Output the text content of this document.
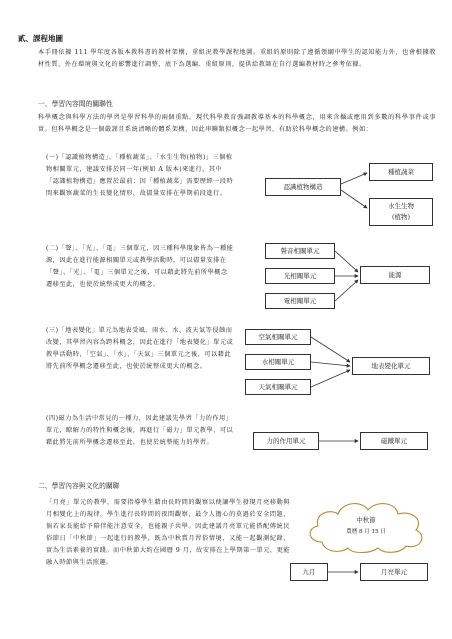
貳、課程地圖
本手冊依據 111 學年度各版本教科書的教材架構，重組況教學課程地圖。重組的原則除了遵循領綱中學生的認知能力外，也會根據教材性質、外在環境與文化的影響進行調整，底下為選編、重組原則，提供給教師在自行選編教材時之參考依據。
一、學習內容間的關聯性
科學概念與科學方法的學習是學習科學的兩個重點。現代科學教育強調教導基本的科學概念，用來含攝或應用到多數的科學事件或事實。但科學概念是一個嚴謹且系統清晰的體系架構，因此串聯類似概念一起學習，有助於科學概念的建構。例如：
(一)「認識植物構造」、「種植蔬菜」、「水生生物(植物)」三個植物相關單元，建議安排於同一年(例如 A 版本)來進行，其中「認識植物構造」應置於最前；因「種植蔬菜」需要歷經一段時間來觀察蔬菜的生長變化情形，故儘量安排在學期前段進行。
認識植物構造
種植蔬菜
水生生物
(植物)
(二)「聲」、「光」、「電」三個單元，因三種科學現象皆為一種能源，因此在進行能源相關單元或教學活動時，可以儘量安排在「聲」、「光」、「電」三個單元之後，可以藉此將先前所學概念遷移至此，也使於統整成更大的概念。
聲音相關單元
光相關單元
電相關單元
能源
(三)「地表變化」單元為地表受風、雨水、水、波天氣等侵蝕而改變，其學習內容為跨科概念，因此在進行「地表變化」單元或教學活動時，「空氣」、「水」、「天氣」三個單元之後，可以藉此將先前所學概念遷移至此，也使於統整成更大的概念。
空氣相關單元
水相關單元
天氣相關單元
地表變化單元
(四)磁力為生活中常見的一種力，因此建議先學習「力的作用」單元，瞭解力的特性與概念後，再進行「磁力」單元教學，可以藉此將先前所學概念遷移至此，也使於統整能力的學習。	力的作用單元	磁鐵單元
二、學習內容與文化的關聯
「月亮」單元的教學，需要指導學生藉由長時間的觀察以便讓學生發現月亮移動與月相變化上的規律。學生進行長時間的夜間觀察，最令人擔心的莫過於安全問題，倘若家長能給予陪伴能注意安全，也能親子共學。因此建議月亮單元能搭配傳統民俗節日「中秋節」一起進行的教學，既為中秋賞月習俗情境，又能一起觀測紀錄，實為生活素養的實踐。而中秋節大約在國曆 9 月，故安排在上學期第一單元，更能融入時節與生活照趣。
中秋節
農曆 8 月 15 日
九月	月亮單元
